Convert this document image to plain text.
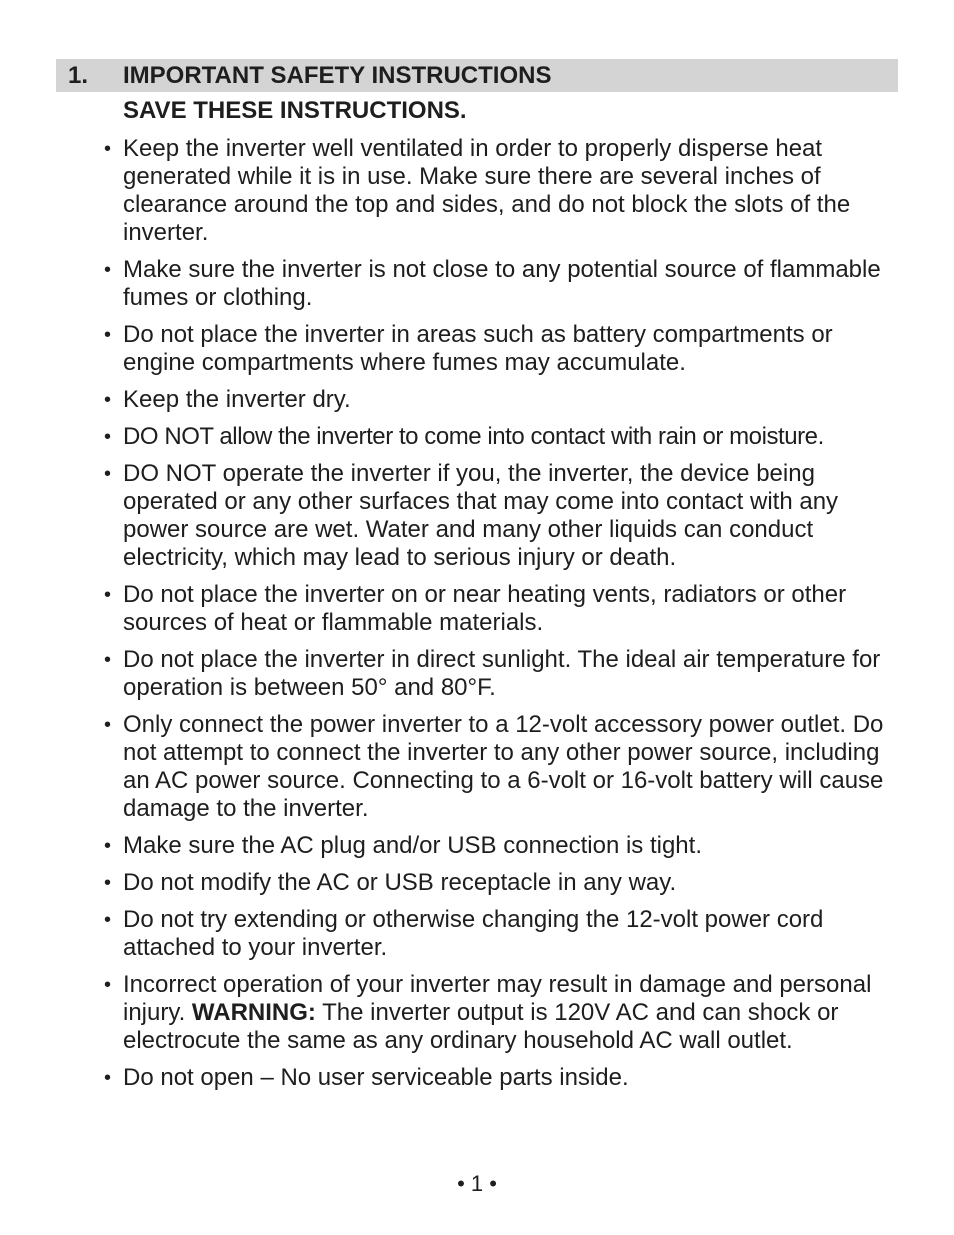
1. IMPORTANT SAFETY INSTRUCTIONS
SAVE THESE INSTRUCTIONS.
• Keep the inverter well ventilated in order to properly disperse heat generated while it is in use. Make sure there are several inches of clearance around the top and sides, and do not block the slots of the inverter.
• Make sure the inverter is not close to any potential source of flammable fumes or clothing.
• Do not place the inverter in areas such as battery compartments or engine compartments where fumes may accumulate.
• Keep the inverter dry.
• DO NOT allow the inverter to come into contact with rain or moisture.
• DO NOT operate the inverter if you, the inverter, the device being operated or any other surfaces that may come into contact with any power source are wet. Water and many other liquids can conduct electricity, which may lead to serious injury or death.
• Do not place the inverter on or near heating vents, radiators or other sources of heat or flammable materials.
• Do not place the inverter in direct sunlight. The ideal air temperature for operation is between 50° and 80°F.
• Only connect the power inverter to a 12-volt accessory power outlet. Do not attempt to connect the inverter to any other power source, including an AC power source. Connecting to a 6-volt or 16-volt battery will cause damage to the inverter.
• Make sure the AC plug and/or USB connection is tight.
• Do not modify the AC or USB receptacle in any way.
• Do not try extending or otherwise changing the 12-volt power cord attached to your inverter.
• Incorrect operation of your inverter may result in damage and personal injury. WARNING: The inverter output is 120V AC and can shock or electrocute the same as any ordinary household AC wall outlet.
• Do not open – No user serviceable parts inside.
• 1 •
